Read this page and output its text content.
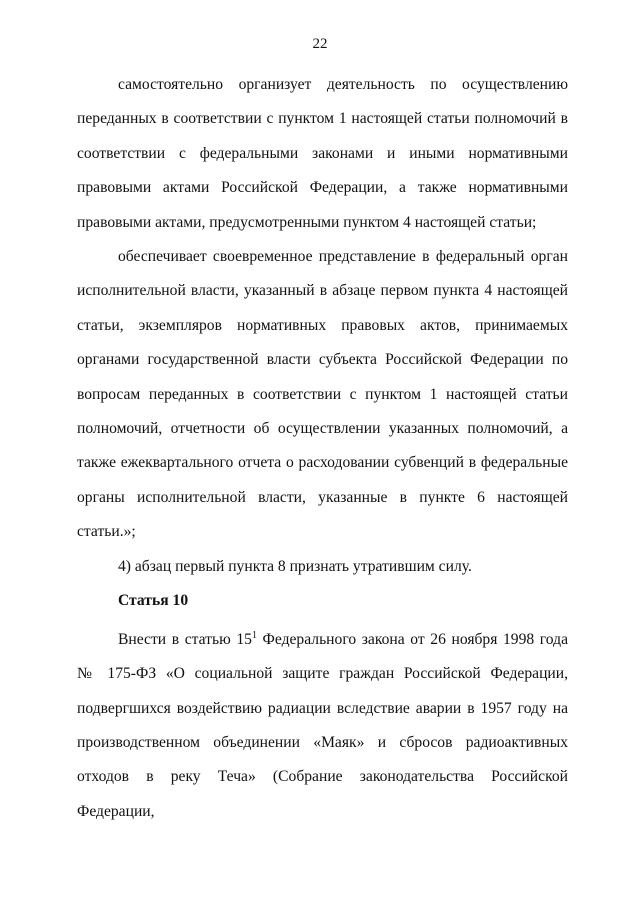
22

самостоятельно организует деятельность по осуществлению переданных в соответствии с пунктом 1 настоящей статьи полномочий в соответствии с федеральными законами и иными нормативными правовыми актами Российской Федерации, а также нормативными правовыми актами, предусмотренными пунктом 4 настоящей статьи;

обеспечивает своевременное представление в федеральный орган исполнительной власти, указанный в абзаце первом пункта 4 настоящей статьи, экземпляров нормативных правовых актов, принимаемых органами государственной власти субъекта Российской Федерации по вопросам переданных в соответствии с пунктом 1 настоящей статьи полномочий, отчетности об осуществлении указанных полномочий, а также ежеквартального отчета о расходовании субвенций в федеральные органы исполнительной власти, указанные в пункте 6 настоящей статьи.»;

4) абзац первый пункта 8 признать утратившим силу.

Статья 10

Внести в статью $15^1$ Федерального закона от 26 ноября 1998 года № 175-ФЗ «О социальной защите граждан Российской Федерации, подвергшихся воздействию радиации вследствие аварии в 1957 году на производственном объединении «Маяк» и сбросов радиоактивных отходов в реку Теча» (Собрание законодательства Российской Федерации,
